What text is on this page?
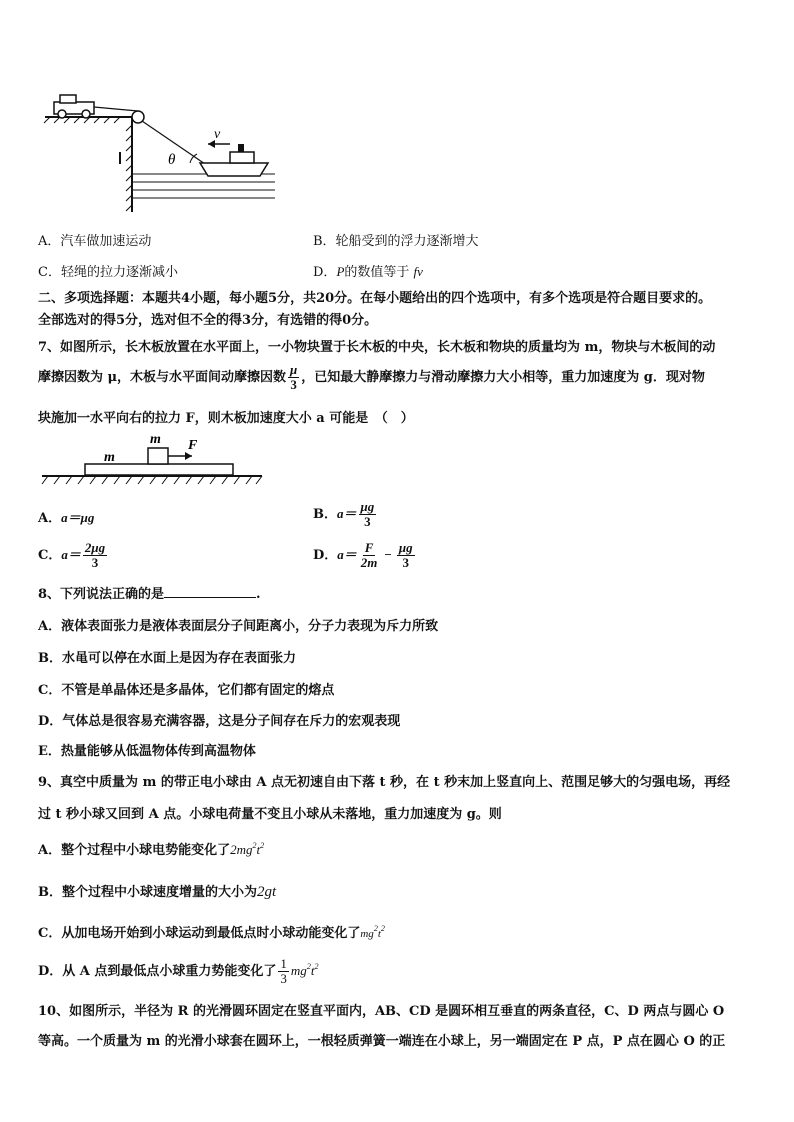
v
θ
A．汽车做加速运动	B．轮船受到的浮力逐渐增大
C．轻绳的拉力逐渐减小	D．P的数值等于 fv
二、多项选择题：本题共4小题，每小题5分，共20分。在每小题给出的四个选项中，有多个选项是符合题目要求的。
全部选对的得5分，选对但不全的得3分，有选错的得0分。
7、如图所示，长木板放置在水平面上，一小物块置于长木板的中央，长木板和物块的质量均为 m，物块与木板间的动
摩擦因数为 μ，木板与水平面间动摩擦因数 $\frac{\mu}{3}$ ，已知最大静摩擦力与滑动摩擦力大小相等，重力加速度为 g．现对物
块施加一水平向右的拉力 F，则木板加速度大小 a 可能是　（　）
m F
m
A．a＝μg	B．$a= \frac{\mu g}{3}$
C．$a= \frac{2\mu g}{3}$	D．$a= \frac{F}{2m} - \frac{\mu g}{3}$
8、下列说法正确的是	.
A．液体表面张力是液体表面层分子间距离小，分子力表现为斥力所致
B．水黾可以停在水面上是因为存在表面张力
C．不管是单晶体还是多晶体，它们都有固定的熔点
D．气体总是很容易充满容器，这是分子间存在斥力的宏观表现
E．热量能够从低温物体传到高温物体
9、真空中质量为 m 的带正电小球由 A 点无初速自由下落 t 秒，在 t 秒末加上竖直向上、范围足够大的匀强电场，再经
过 t 秒小球又回到 A 点。小球电荷量不变且小球从未落地，重力加速度为 g。则
A．整个过程中小球电势能变化了$2mg^2t^2$
B．整个过程中小球速度增量的大小为2gt
C．从加电场开始到小球运动到最低点时小球动能变化了$mg^2t^2$
D．从 A 点到最低点小球重力势能变化了 $\frac{1}{3} mg^2t^2$
10、如图所示，半径为 R 的光滑圆环固定在竖直平面内，AB、CD 是圆环相互垂直的两条直径，C、D 两点与圆心 O
等高。一个质量为 m 的光滑小球套在圆环上，一根轻质弹簧一端连在小球上，另一端固定在 P 点，P 点在圆心 O 的正
